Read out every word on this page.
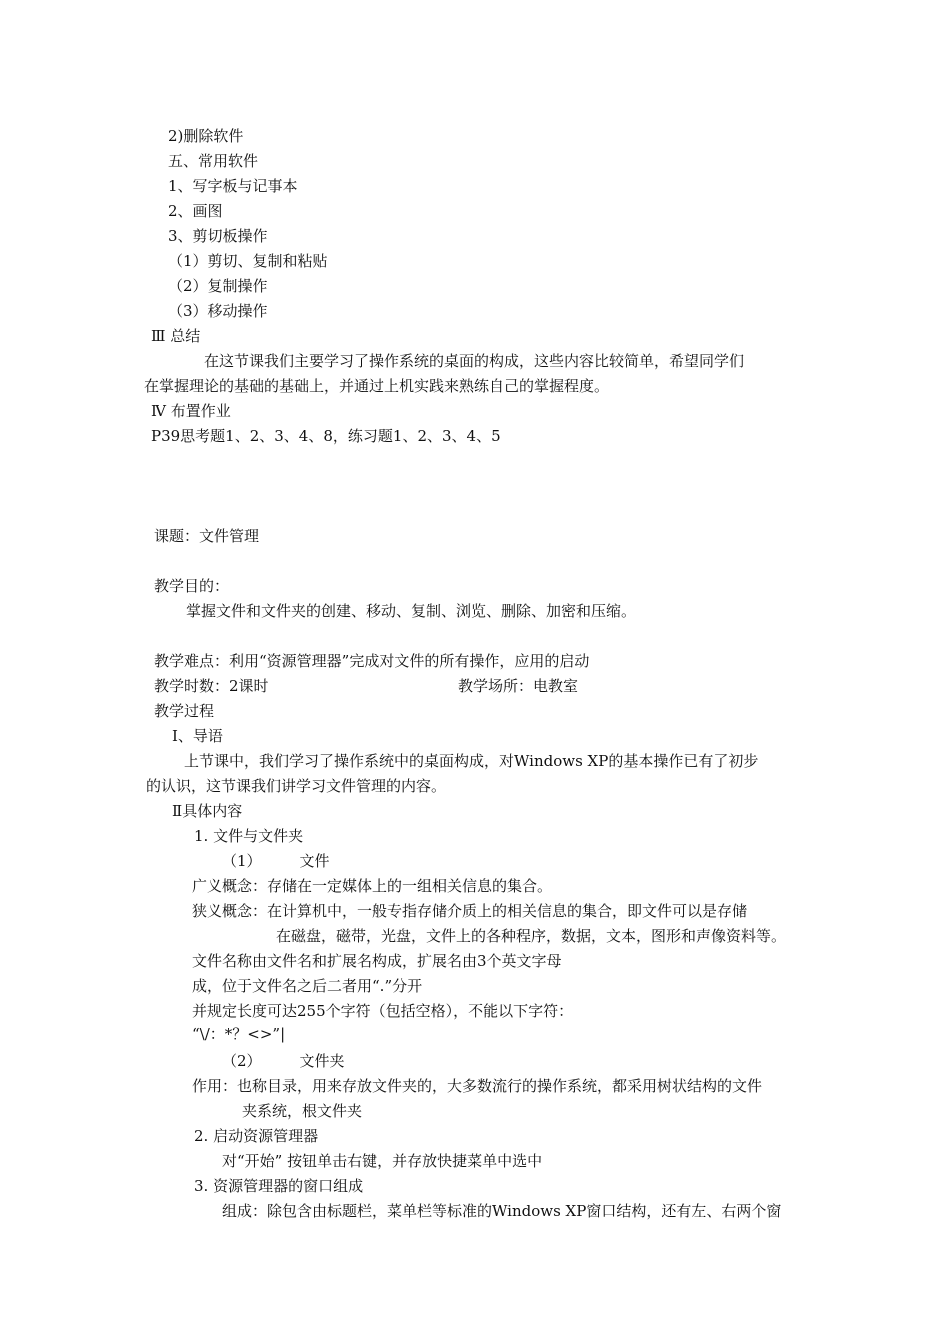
2)删除软件
五、常用软件
1、写字板与记事本
2、画图
3、剪切板操作
（1）剪切、复制和粘贴
（2）复制操作
（3）移动操作
Ⅲ 总结
在这节课我们主要学习了操作系统的桌面的构成，这些内容比较简单，希望同学们
在掌握理论的基础的基础上，并通过上机实践来熟练自己的掌握程度。
Ⅳ 布置作业
P39思考题1、2、3、4、8，练习题1、2、3、4、5
课题：文件管理
教学目的：
掌握文件和文件夹的创建、移动、复制、浏览、删除、加密和压缩。
教学难点：利用“资源管理器”完成对文件的所有操作，应用的启动
教学时数：2课时	教学场所：电教室
教学过程
Ⅰ、导语
上节课中，我们学习了操作系统中的桌面构成，对Windows XP的基本操作已有了初步
的认识，这节课我们讲学习文件管理的内容。
Ⅱ具体内容
1. 文件与文件夹
（1）	文件
广义概念：存储在一定媒体上的一组相关信息的集合。
狭义概念：在计算机中，一般专指存储介质上的相关信息的集合，即文件可以是存储
在磁盘，磁带，光盘，文件上的各种程序，数据，文本，图形和声像资料等。
文件名称由文件名和扩展名构成，扩展名由3个英文字母
成，位于文件名之后二者用“.”分开
并规定长度可达255个字符（包括空格），不能以下字符：
“\/：*？<>”|
（2）	文件夹
作用：也称目录，用来存放文件夹的，大多数流行的操作系统，都采用树状结构的文件
夹系统，根文件夹
2. 启动资源管理器
对“开始” 按钮单击右键，并存放快捷菜单中选中
3. 资源管理器的窗口组成
组成：除包含由标题栏，菜单栏等标准的Windows XP窗口结构，还有左、右两个窗
